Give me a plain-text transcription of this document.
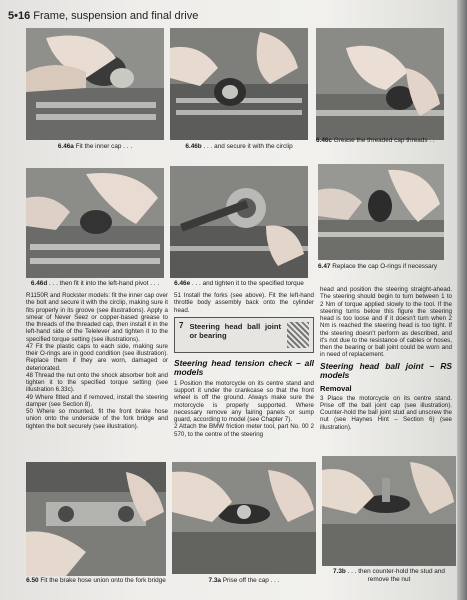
5•16 Frame, suspension and final drive
6.46a Fit the inner cap . . .	6.46b . . . and secure it with the circlip
6.46c Grease the threaded cap threads . .
6.46d . . . then fit it into the left-hand pivot . . .	6.46e . . . and tighten it to the specified torque
6.47 Replace the cap O-rings if necessary

R1150R and Rockster models: fit the inner cap over the bolt and secure it with the circlip, making sure it fits properly in its groove (see illustrations). Apply a smear of Never Seez or copper-based grease to the threads of the threaded cap, then install it in the left-hand side of the Telelever and tighten it to the specified torque setting (see illustrations).

47 Fit the plastic caps to each side, making sure their O-rings are in good condition (see illustration). Replace them if they are worn, damaged or deteriorated.

48 Thread the nut onto the shock absorber bolt and tighten it to the specified torque setting (see illustration 6.33c).

49 Where fitted and if removed, install the steering damper (see Section 8).

50 Where so mounted, fit the front brake hose union onto the underside of the fork bridge and tighten the bolt securely (see illustration).

51 Install the forks (see above). Fit the left-hand throttle body assembly back onto the cylinder head.

7 Steering head ball joint or bearing
Steering head tension check – all models

1 Position the motorcycle on its centre stand and support it under the crankcase so that the front wheel is off the ground. Always make sure the motorcycle is properly supported. Where necessary remove any fairing panels or sump guard, according to model (see Chapter 7).

2 Attach the BMW friction meter tool, part No. 00 2 570, to the centre of the steering

head and position the steering straight-ahead. The steering should begin to turn between 1 to 2 Nm of torque applied slowly to the tool. If the steering turns below this figure the steering head is too loose and if it doesn't turn when 2 Nm is reached the steering head is too tight. If the steering doesn't perform as described, and it's not due to the resistance of cables or hoses, then the bearing or ball joint could be worn and in need of replacement.

Steering head ball joint – RS models
Removal

3 Place the motorcycle on its centre stand. Prise off the ball joint cap (see illustration). Counter-hold the ball joint stud and unscrew the nut (see Haynes Hint – Section 6) (see illustration).

6.50 Fit the brake hose union onto the fork bridge	7.3a Prise off the cap . . .
7.3b . . . then counter-hold the stud and remove the nut
